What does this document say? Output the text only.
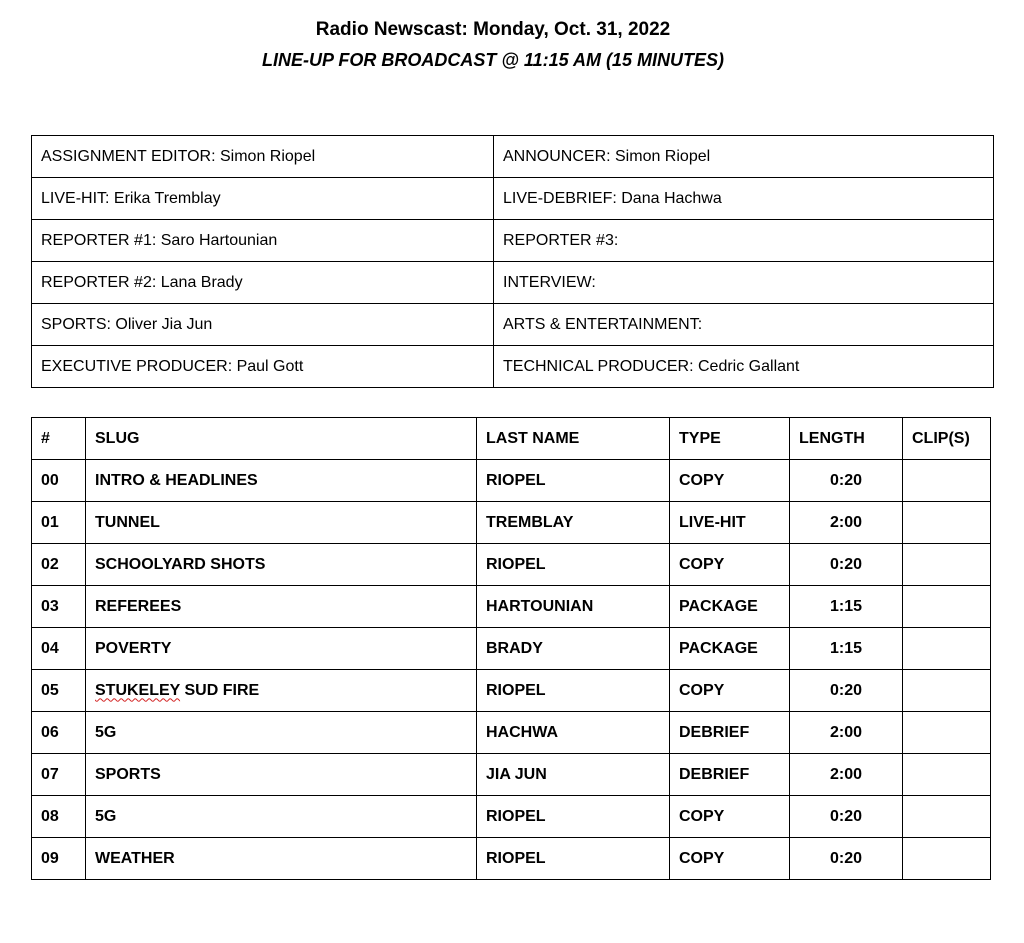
Radio Newscast: Monday, Oct. 31, 2022
LINE-UP FOR BROADCAST @ 11:15 AM (15 MINUTES)
ASSIGNMENT EDITOR: Simon Riopel	ANNOUNCER: Simon Riopel
LIVE-HIT: Erika Tremblay	LIVE-DEBRIEF: Dana Hachwa
REPORTER #1: Saro Hartounian	REPORTER #3:
REPORTER #2: Lana Brady	INTERVIEW:
SPORTS: Oliver Jia Jun	ARTS & ENTERTAINMENT:
EXECUTIVE PRODUCER: Paul Gott	TECHNICAL PRODUCER: Cedric Gallant
#	SLUG	LAST NAME	TYPE	LENGTH	CLIP(S)
00	INTRO & HEADLINES	RIOPEL	COPY	0:20	
01	TUNNEL	TREMBLAY	LIVE-HIT	2:00	
02	SCHOOLYARD SHOTS	RIOPEL	COPY	0:20	
03	REFEREES	HARTOUNIAN	PACKAGE	1:15	
04	POVERTY	BRADY	PACKAGE	1:15	
05	STUKELEY SUD FIRE	RIOPEL	COPY	0:20	
06	5G	HACHWA	DEBRIEF	2:00	
07	SPORTS	JIA JUN	DEBRIEF	2:00	
08	5G	RIOPEL	COPY	0:20	
09	WEATHER	RIOPEL	COPY	0:20	
